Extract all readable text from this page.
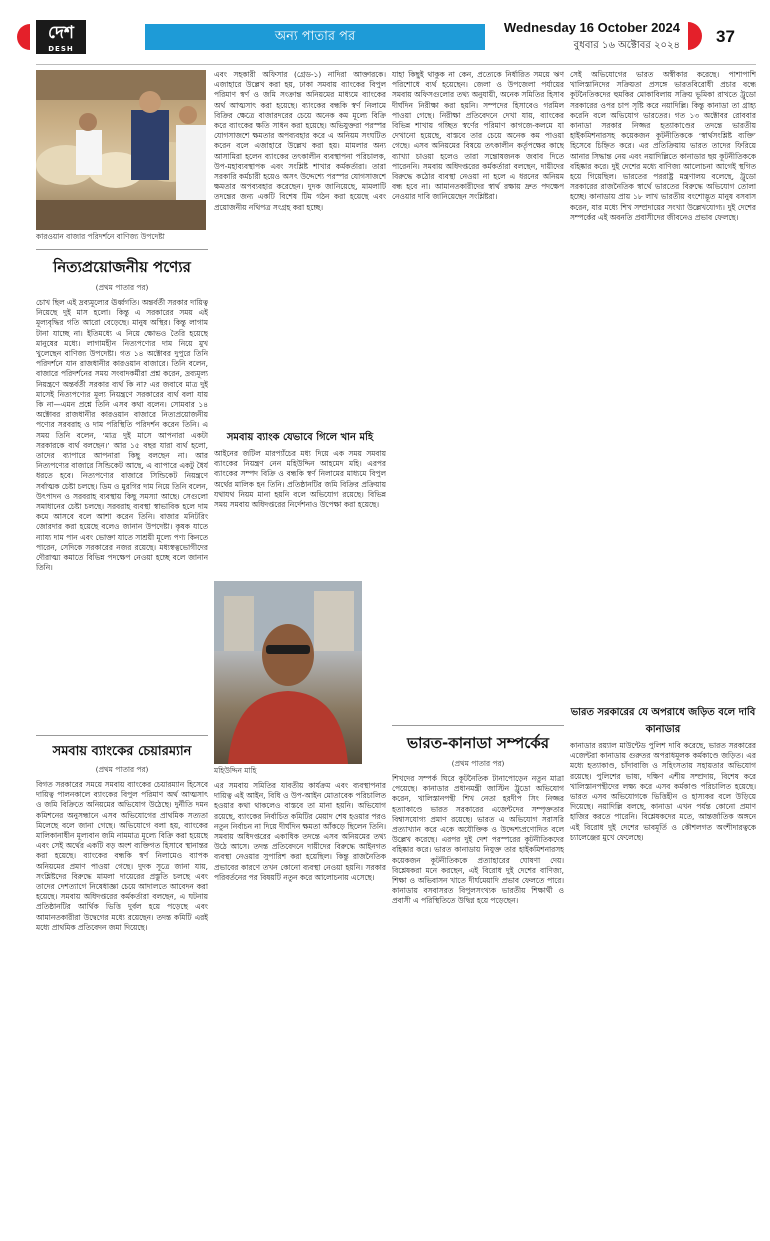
দেশ
DESH
অন্য পাতার পর
Wednesday 16 October 2024
বুধবার ১৬ অক্টোবর ২০২৪ 37
কারওয়ান বাজার পরিদর্শনে বাণিজ্য উপদেষ্টা
নিত্যপ্রয়োজনীয় পণ্যের
(প্রথম পাতার পর)

চোখ ছিল এই দ্রব্যমূল্যের ঊর্ধ্বগতি। অন্তর্বর্তী সরকার দায়িত্ব নিয়েছে দুই মাস হলো। কিন্তু এ সরকারের সময় এই মূল্যবৃদ্ধির গতি আরো বেড়েছে। মানুষ অস্থির। কিন্তু লাগাম টানা যাচ্ছে না। ইতিমধ্যে এ নিয়ে ক্ষোভও তৈরি হয়েছে মানুষের মধ্যে। লাগামহীন নিত্যপণ্যের দাম নিয়ে মুখ খুলেছেন বাণিজ্য উপদেষ্টা। গত ১৪ অক্টোবর দুপুরে তিনি পরিদর্শনে যান রাজধানীর কারওয়ান বাজারে। তিনি বলেন, বাজারে পরিদর্শনের সময় সংবাদকর্মীরা প্রশ্ন করেন, দ্রব্যমূল্য নিয়ন্ত্রণে অন্তর্বর্তী সরকার ব্যর্থ কি না? এর জবাবে মাত্র দুই মাসেই নিত্যপণ্যের মূল্য নিয়ন্ত্রণে সরকারের ব্যর্থ বলা যায় কি না—এমন প্রশ্নে তিনি এসব কথা বলেন। সোমবার ১৪ অক্টোবর রাজধানীর কারওয়ান বাজারে নিত্যপ্রয়োজনীয় পণ্যের সরবরাহ ও দাম পরিস্থিতি পরিদর্শন করেন তিনি। এ সময় তিনি বলেন, ‘মাত্র দুই মাসে আপনারা একটা সরকারকে ব্যর্থ বলছেন।’ আর ১৫ বছর যারা ব্যর্থ হলো, তাদের ব্যাপারে আপনারা কিছু বলছেন না। আর নিত্যপণ্যের বাজারে সিন্ডিকেট আছে, এ ব্যাপারে একটু ধৈর্য ধরতে হবে। নিত্যপণ্যের বাজারে সিন্ডিকেট নিয়ন্ত্রণে সর্বাত্মক চেষ্টা চলছে। ডিম ও মুরগির দাম নিয়ে তিনি বলেন, উৎপাদন ও সরবরাহ ব্যবস্থায় কিছু সমস্যা আছে। সেগুলো সমাধানের চেষ্টা চলছে। সরবরাহ ব্যবস্থা স্বাভাবিক হলে দাম কমে আসবে বলে আশা করেন তিনি। বাজার মনিটরিং জোরদার করা হয়েছে বলেও জানান উপদেষ্টা। কৃষক যাতে ন্যায্য দাম পান এবং ভোক্তা যাতে সাশ্রয়ী মূল্যে পণ্য কিনতে পারেন, সেদিকে সরকারের নজর রয়েছে। মধ্যস্বত্বভোগীদের দৌরাত্ম্য কমাতে বিভিন্ন পদক্ষেপ নেওয়া হচ্ছে বলে জানান তিনি।

সমবায় ব্যাংকের চেয়ারম্যান
(প্রথম পাতার পর)

বিগত সরকারের সময়ে সমবায় ব্যাংকের চেয়ারম্যান হিসেবে দায়িত্ব পালনকালে ব্যাংকের বিপুল পরিমাণ অর্থ আত্মসাৎ ও জমি বিক্রিতে অনিয়মের অভিযোগ উঠেছে। দুর্নীতি দমন কমিশনের অনুসন্ধানে এসব অভিযোগের প্রাথমিক সত্যতা মিলেছে বলে জানা গেছে। অভিযোগে বলা হয়, ব্যাংকের মালিকানাধীন মূল্যবান জমি নামমাত্র মূল্যে বিক্রি করা হয়েছে এবং সেই অর্থের একটি বড় অংশ ব্যক্তিগত হিসাবে স্থানান্তর করা হয়েছে। ব্যাংকের বন্ধকি স্বর্ণ নিলামেও ব্যাপক অনিয়মের প্রমাণ পাওয়া গেছে। দুদক সূত্রে জানা যায়, সংশ্লিষ্টদের বিরুদ্ধে মামলা দায়েরের প্রস্তুতি চলছে এবং তাদের দেশত্যাগে নিষেধাজ্ঞা চেয়ে আদালতে আবেদন করা হয়েছে। সমবায় অধিদপ্তরের কর্মকর্তারা বলছেন, এ ঘটনায় প্রতিষ্ঠানটির আর্থিক ভিত্তি দুর্বল হয়ে পড়েছে এবং আমানতকারীরা উদ্বেগের মধ্যে রয়েছেন। তদন্ত কমিটি এরই মধ্যে প্রাথমিক প্রতিবেদন জমা দিয়েছে।

এবং সহকারী অফিসার (গ্রেড-১) নাদিরা আক্তারকে। এজাহারে উল্লেখ করা হয়, ঢাকা সমবায় ব্যাংকের বিপুল পরিমাণ স্বর্ণ ও জমি সংক্রান্ত অনিয়মের মাধ্যমে ব্যাংকের অর্থ আত্মসাৎ করা হয়েছে। ব্যাংকের বন্ধকি স্বর্ণ নিলামে বিক্রির ক্ষেত্রে বাজারদরের চেয়ে অনেক কম মূল্যে বিক্রি করে ব্যাংকের ক্ষতি সাধন করা হয়েছে। অভিযুক্তরা পরস্পর যোগসাজশে ক্ষমতার অপব্যবহার করে এ অনিয়ম সংঘটিত করেন বলে এজাহারে উল্লেখ করা হয়। মামলার অন্য আসামিরা হলেন ব্যাংকের তৎকালীন ব্যবস্থাপনা পরিচালক, উপ-মহাব্যবস্থাপক এবং সংশ্লিষ্ট শাখার কর্মকর্তারা। তারা সরকারি কর্মচারী হয়েও অসৎ উদ্দেশ্যে পরস্পর যোগসাজশে ক্ষমতার অপব্যবহার করেছেন। দুদক জানিয়েছে, মামলাটি তদন্তের জন্য একটি বিশেষ টিম গঠন করা হয়েছে এবং প্রয়োজনীয় নথিপত্র সংগ্রহ করা হচ্ছে।

সমবায় ব্যাংক যেভাবে গিলে খান মহি

আইনের জটিল মারপ্যাঁচের মধ্য দিয়ে এক সময় সমবায় ব্যাংকের নিয়ন্ত্রণ নেন মহিউদ্দিন আহমেদ মহি। এরপর ব্যাংকের সম্পদ বিক্রি ও বন্ধকি স্বর্ণ নিলামের মাধ্যমে বিপুল অর্থের মালিক হন তিনি। প্রতিষ্ঠানটির জমি বিক্রির প্রক্রিয়ায় যথাযথ নিয়ম মানা হয়নি বলে অভিযোগ রয়েছে। বিভিন্ন সময় সমবায় অধিদপ্তরের নির্দেশনাও উপেক্ষা করা হয়েছে।

মহিউদ্দিন মাহি

এর সমবায় সমিতির যাবতীয় কার্যক্রম এবং ব্যবস্থাপনার দায়িত্ব এই আইন, বিধি ও উপ-আইন মোতাবেক পরিচালিত হওয়ার কথা থাকলেও বাস্তবে তা মানা হয়নি। অভিযোগ রয়েছে, ব্যাংকের নির্বাচিত কমিটির মেয়াদ শেষ হওয়ার পরও নতুন নির্বাচন না দিয়ে দীর্ঘদিন ক্ষমতা আঁকড়ে ছিলেন তিনি। সমবায় অধিদপ্তরের একাধিক তদন্তে এসব অনিয়মের তথ্য উঠে আসে। তদন্ত প্রতিবেদনে দায়ীদের বিরুদ্ধে আইনগত ব্যবস্থা নেওয়ার সুপারিশ করা হয়েছিল। কিন্তু রাজনৈতিক প্রভাবের কারণে তখন কোনো ব্যবস্থা নেওয়া হয়নি। সরকার পরিবর্তনের পর বিষয়টি নতুন করে আলোচনায় এসেছে।

যাহা কিছুই থাকুক না কেন, প্রত্যেকে নির্ধারিত সময়ে ঋণ পরিশোধে ব্যর্থ হয়েছেন। জেলা ও উপজেলা পর্যায়ের সমবায় অফিসগুলোর তথ্য অনুযায়ী, অনেক সমিতির হিসাব দীর্ঘদিন নিরীক্ষা করা হয়নি। সম্পদের হিসাবেও গরমিল পাওয়া গেছে। নিরীক্ষা প্রতিবেদনে দেখা যায়, ব্যাংকের বিভিন্ন শাখায় গচ্ছিত স্বর্ণের পরিমাণ কাগজে-কলমে যা দেখানো হয়েছে, বাস্তবে তার চেয়ে অনেক কম পাওয়া গেছে। এসব অনিয়মের বিষয়ে তৎকালীন কর্তৃপক্ষের কাছে ব্যাখ্যা চাওয়া হলেও তারা সন্তোষজনক জবাব দিতে পারেননি। সমবায় অধিদপ্তরের কর্মকর্তারা বলছেন, দায়ীদের বিরুদ্ধে কঠোর ব্যবস্থা নেওয়া না হলে এ ধরনের অনিয়ম বন্ধ হবে না। আমানতকারীদের স্বার্থ রক্ষায় দ্রুত পদক্ষেপ নেওয়ার দাবি জানিয়েছেন সংশ্লিষ্টরা।

ভারত-কানাডা সম্পর্কের
(প্রথম পাতার পর)

শিখদের সম্পর্ক ঘিরে কূটনৈতিক টানাপোড়েন নতুন মাত্রা পেয়েছে। কানাডার প্রধানমন্ত্রী জাস্টিন ট্রুডো অভিযোগ করেন, খালিস্তানপন্থী শিখ নেতা হরদীপ সিং নিজ্জর হত্যাকাণ্ডে ভারত সরকারের এজেন্টদের সম্পৃক্ততার বিশ্বাসযোগ্য প্রমাণ রয়েছে। ভারত এ অভিযোগ সরাসরি প্রত্যাখ্যান করে একে অযৌক্তিক ও উদ্দেশ্যপ্রণোদিত বলে উল্লেখ করেছে। এরপর দুই দেশ পরস্পরের কূটনীতিকদের বহিষ্কার করে। ভারত কানাডায় নিযুক্ত তার হাইকমিশনারসহ কয়েকজন কূটনীতিককে প্রত্যাহারের ঘোষণা দেয়। বিশ্লেষকরা মনে করছেন, এই বিরোধ দুই দেশের বাণিজ্য, শিক্ষা ও অভিবাসন খাতে দীর্ঘমেয়াদি প্রভাব ফেলতে পারে। কানাডায় বসবাসরত বিপুলসংখ্যক ভারতীয় শিক্ষার্থী ও প্রবাসী এ পরিস্থিতিতে উদ্বিগ্ন হয়ে পড়েছেন।

সেই অভিযোগের ভারত অস্বীকার করেছে। পাশাপাশি খালিস্তানিদের সক্রিয়তা প্রসঙ্গে ভারতবিরোধী প্রচার বন্ধে কূটনৈতিকদের হুমকির মোকাবিলায় সক্রিয় ভূমিকা রাখতে ট্রুডো সরকারের ওপর চাপ সৃষ্টি করে নয়াদিল্লি। কিন্তু কানাডা তা গ্রাহ্য করেনি বলে অভিযোগ ভারতের। গত ১৩ অক্টোবর রোববার কানাডা সরকার নিজ্জর হত্যাকাণ্ডের তদন্তে ভারতীয় হাইকমিশনারসহ কয়েকজন কূটনীতিককে ‘স্বার্থসংশ্লিষ্ট ব্যক্তি’ হিসেবে চিহ্নিত করে। এর প্রতিক্রিয়ায় ভারত তাদের ফিরিয়ে আনার সিদ্ধান্ত নেয় এবং নয়াদিল্লিতে কানাডার ছয় কূটনীতিককে বহিষ্কার করে। দুই দেশের মধ্যে বাণিজ্য আলোচনা আগেই স্থগিত হয়ে গিয়েছিল। ভারতের পররাষ্ট্র মন্ত্রণালয় বলেছে, ট্রুডো সরকারের রাজনৈতিক স্বার্থে ভারতের বিরুদ্ধে অভিযোগ তোলা হচ্ছে। কানাডায় প্রায় ১৮ লাখ ভারতীয় বংশোদ্ভূত মানুষ বসবাস করেন, যার মধ্যে শিখ সম্প্রদায়ের সংখ্যা উল্লেখযোগ্য। দুই দেশের সম্পর্কের এই অবনতি প্রবাসীদের জীবনেও প্রভাব ফেলছে।

ভারত সরকারের যে অপরাধে জড়িত বলে দাবি কানাডার

কানাডার রয়্যাল মাউন্টেড পুলিশ দাবি করেছে, ভারত সরকারের এজেন্টরা কানাডায় গুরুতর অপরাধমূলক কর্মকাণ্ডে জড়িত। এর মধ্যে হত্যাকাণ্ড, চাঁদাবাজি ও সহিংসতায় সহায়তার অভিযোগ রয়েছে। পুলিশের ভাষ্য, দক্ষিণ এশীয় সম্প্রদায়, বিশেষ করে খালিস্তানপন্থীদের লক্ষ্য করে এসব কর্মকাণ্ড পরিচালিত হয়েছে। ভারত এসব অভিযোগকে ভিত্তিহীন ও হাস্যকর বলে উড়িয়ে দিয়েছে। নয়াদিল্লি বলছে, কানাডা এখন পর্যন্ত কোনো প্রমাণ হাজির করতে পারেনি। বিশ্লেষকদের মতে, আন্তর্জাতিক অঙ্গনে এই বিরোধ দুই দেশের ভাবমূর্তি ও কৌশলগত অংশীদারত্বকে চ্যালেঞ্জের মুখে ফেলেছে।
